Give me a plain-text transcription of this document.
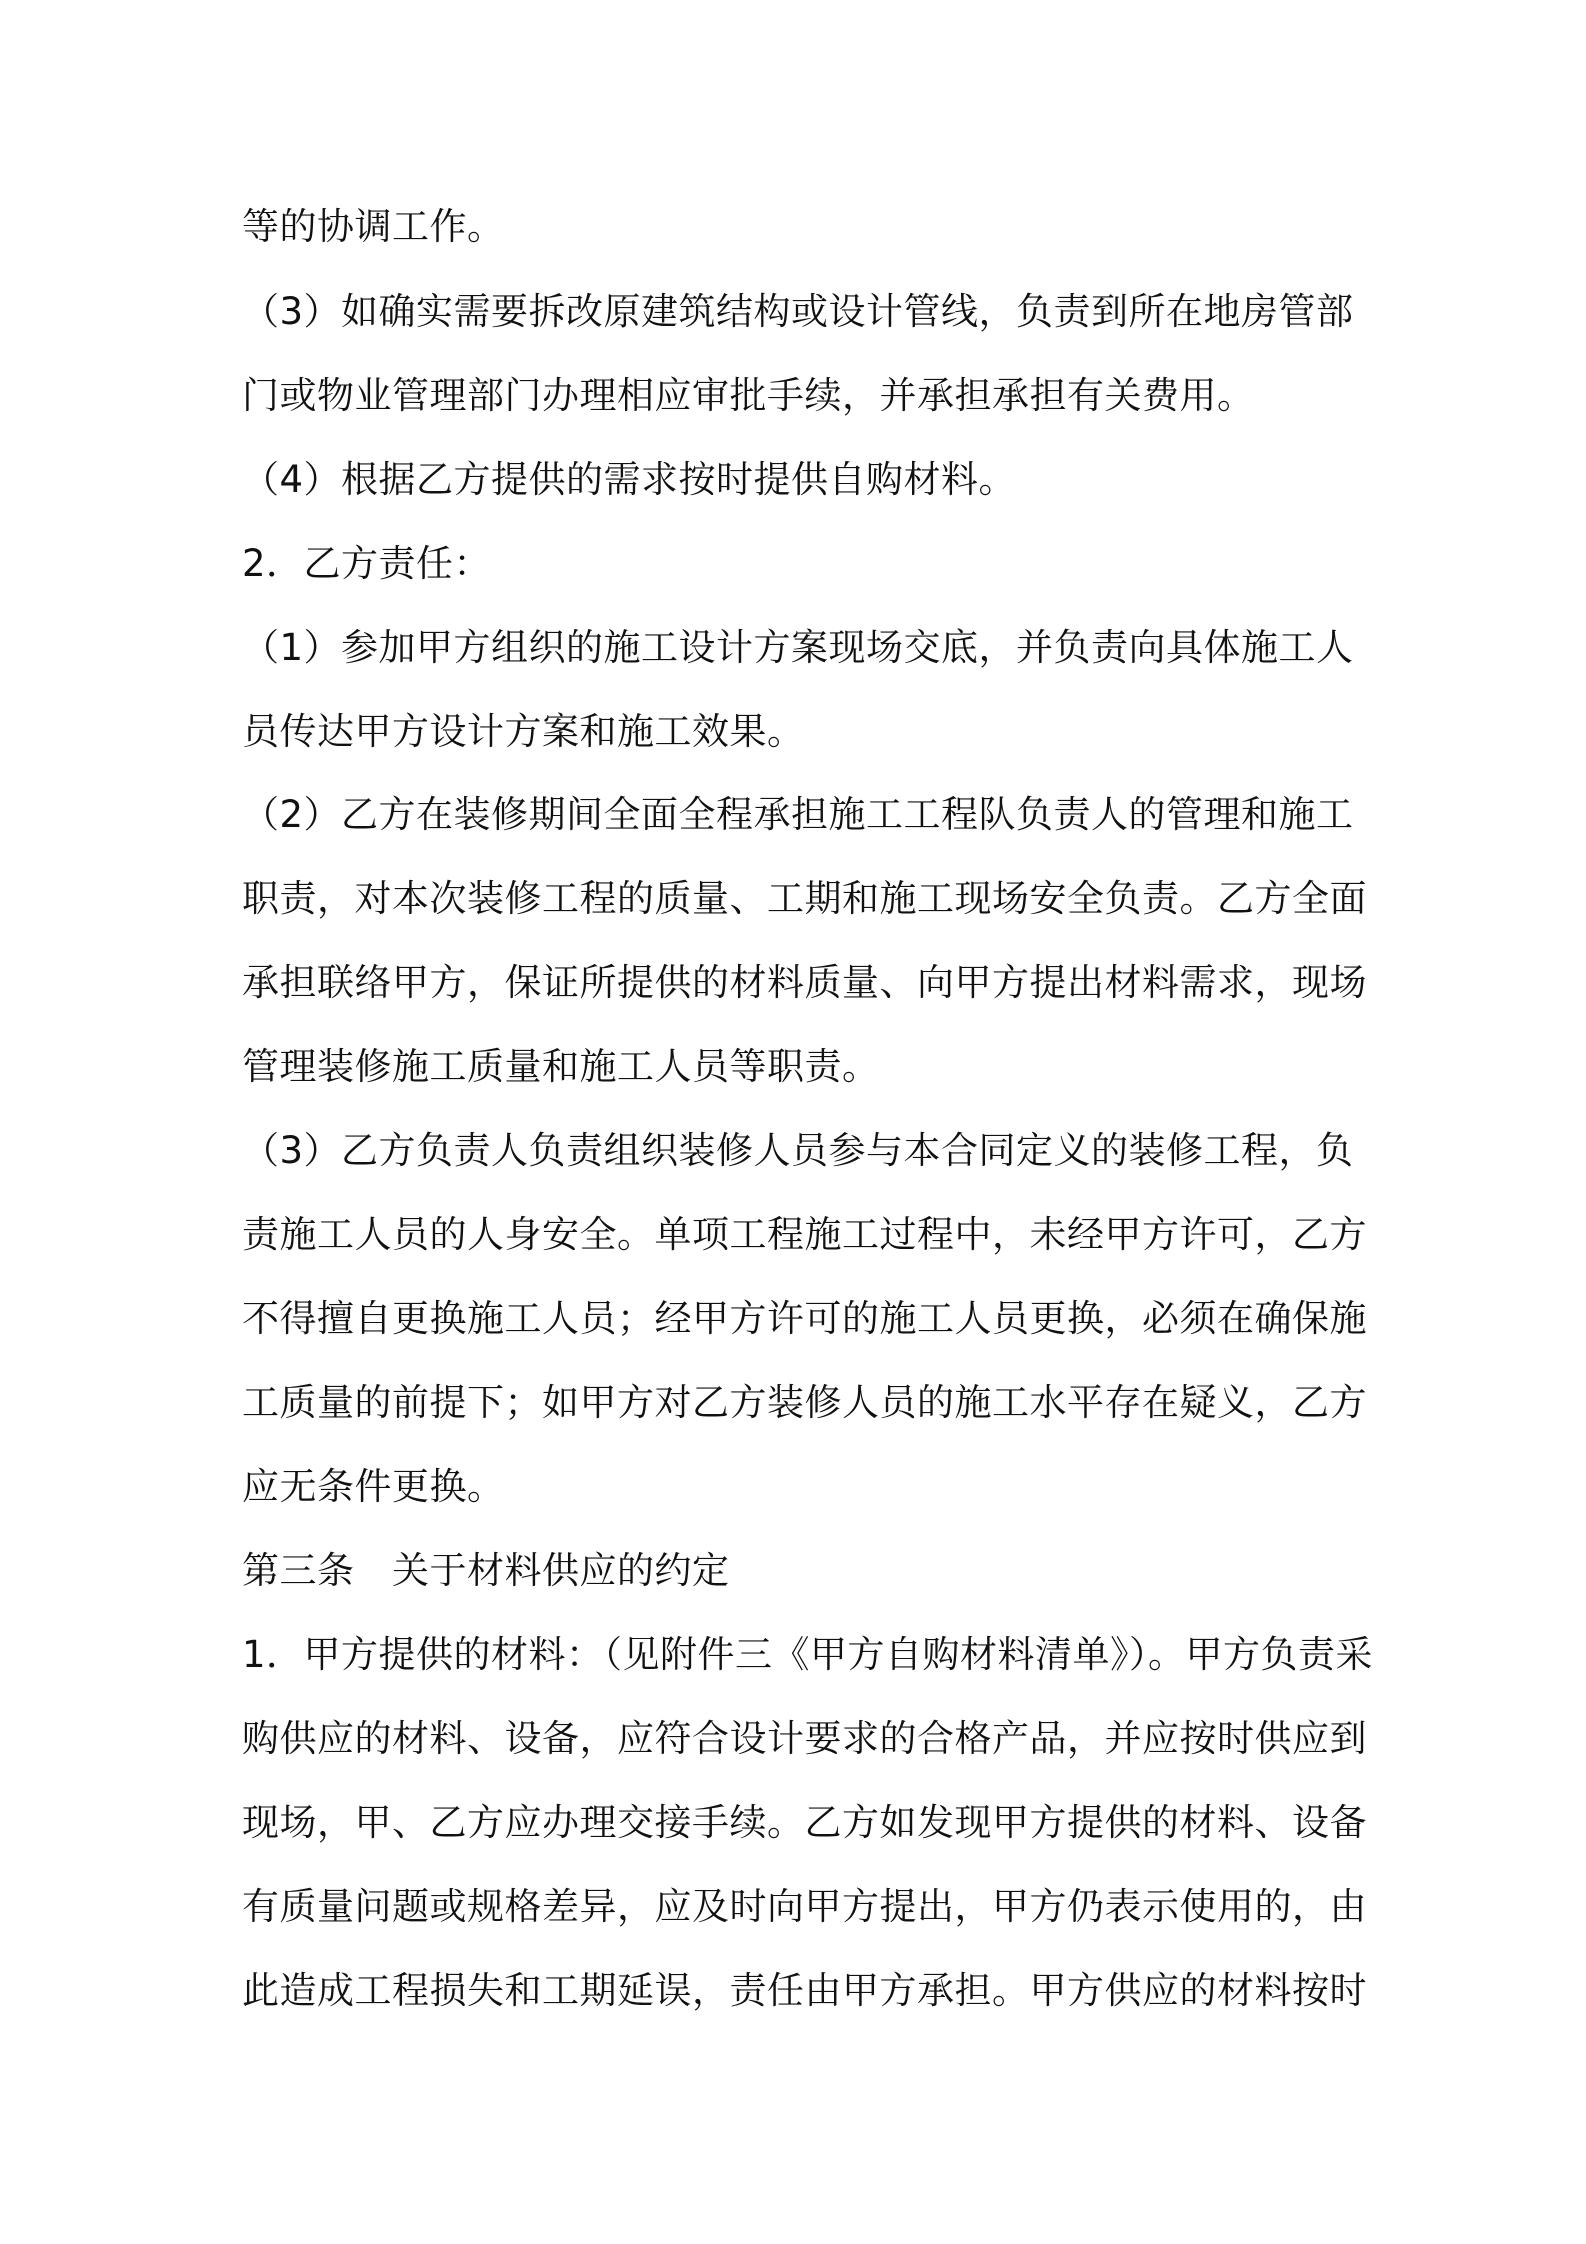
等的协调工作。
（3）如确实需要拆改原建筑结构或设计管线，负责到所在地房管部
门或物业管理部门办理相应审批手续，并承担承担有关费用。
（4）根据乙方提供的需求按时提供自购材料。
2．乙方责任：
（1）参加甲方组织的施工设计方案现场交底，并负责向具体施工人
员传达甲方设计方案和施工效果。
（2）乙方在装修期间全面全程承担施工工程队负责人的管理和施工
职责，对本次装修工程的质量、工期和施工现场安全负责。乙方全面
承担联络甲方，保证所提供的材料质量、向甲方提出材料需求，现场
管理装修施工质量和施工人员等职责。
（3）乙方负责人负责组织装修人员参与本合同定义的装修工程，负
责施工人员的人身安全。单项工程施工过程中，未经甲方许可，乙方
不得擅自更换施工人员；经甲方许可的施工人员更换，必须在确保施
工质量的前提下；如甲方对乙方装修人员的施工水平存在疑义，乙方
应无条件更换。
第三条　关于材料供应的约定
1．甲方提供的材料：（见附件三《甲方自购材料清单》）。甲方负责采
购供应的材料、设备，应符合设计要求的合格产品，并应按时供应到
现场，甲、乙方应办理交接手续。乙方如发现甲方提供的材料、设备
有质量问题或规格差异，应及时向甲方提出，甲方仍表示使用的，由
此造成工程损失和工期延误，责任由甲方承担。甲方供应的材料按时
